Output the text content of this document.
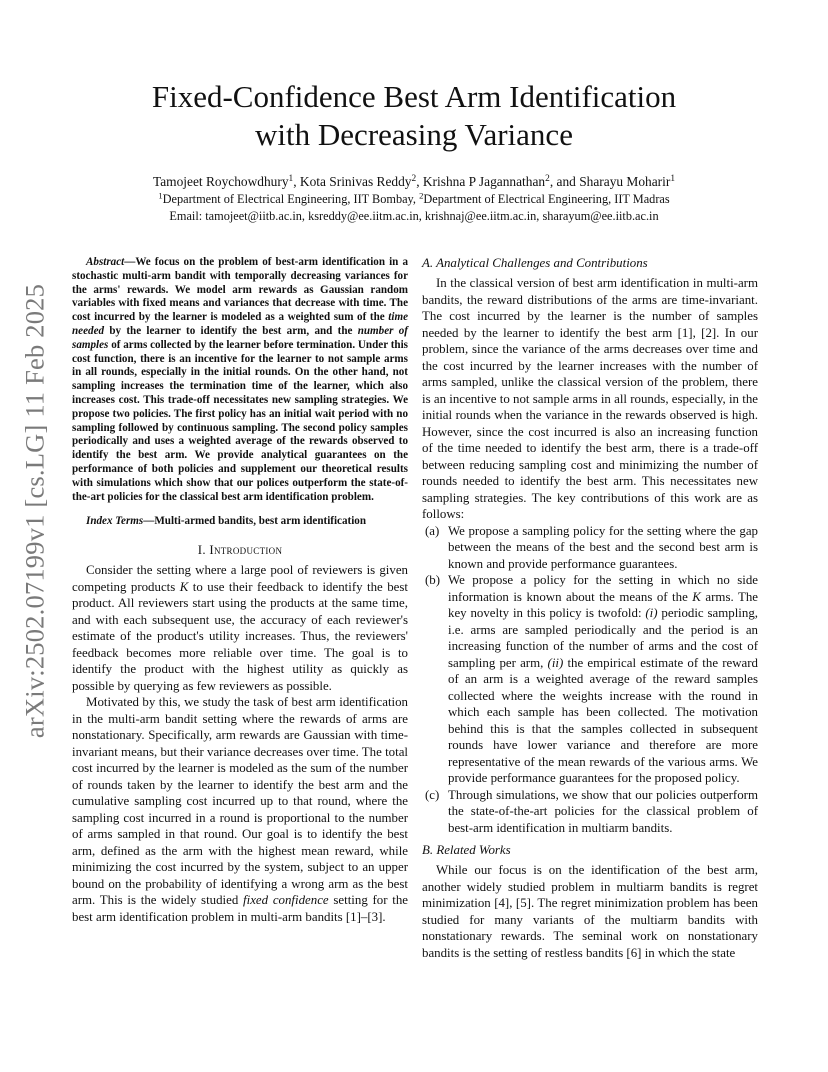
arXiv:2502.07199v1 [cs.LG] 11 Feb 2025
Fixed-Confidence Best Arm Identification
with Decreasing Variance
Tamojeet Roychowdhury$^1$, Kota Srinivas Reddy$^2$, Krishna P Jagannathan$^2$, and Sharayu Moharir$^1$
$^1$Department of Electrical Engineering, IIT Bombay, $^2$Department of Electrical Engineering, IIT Madras
Email: tamojeet@iitb.ac.in, ksreddy@ee.iitm.ac.in, krishnaj@ee.iitm.ac.in, sharayum@ee.iitb.ac.in

Abstract—We focus on the problem of best-arm identification in a stochastic multi-arm bandit with temporally decreasing variances for the arms' rewards. We model arm rewards as Gaussian random variables with fixed means and variances that decrease with time. The cost incurred by the learner is modeled as a weighted sum of the time needed by the learner to identify the best arm, and the number of samples of arms collected by the learner before termination. Under this cost function, there is an incentive for the learner to not sample arms in all rounds, especially in the initial rounds. On the other hand, not sampling increases the termination time of the learner, which also increases cost. This trade-off necessitates new sampling strategies. We propose two policies. The first policy has an initial wait period with no sampling followed by continuous sampling. The second policy samples periodically and uses a weighted average of the rewards observed to identify the best arm. We provide analytical guarantees on the performance of both policies and supplement our theoretical results with simulations which show that our polices outperform the state-of-the-art policies for the classical best arm identification problem.

Index Terms—Multi-armed bandits, best arm identification

I. Introduction

Consider the setting where a large pool of reviewers is given competing products K to use their feedback to identify the best product. All reviewers start using the products at the same time, and with each subsequent use, the accuracy of each reviewer's estimate of the product's utility increases. Thus, the reviewers' feedback becomes more reliable over time. The goal is to identify the product with the highest utility as quickly as possible by querying as few reviewers as possible.

Motivated by this, we study the task of best arm identification in the multi-arm bandit setting where the rewards of arms are nonstationary. Specifically, arm rewards are Gaussian with time-invariant means, but their variance decreases over time. The total cost incurred by the learner is modeled as the sum of the number of rounds taken by the learner to identify the best arm and the cumulative sampling cost incurred up to that round, where the sampling cost incurred in a round is proportional to the number of arms sampled in that round. Our goal is to identify the best arm, defined as the arm with the highest mean reward, while minimizing the cost incurred by the system, subject to an upper bound on the probability of identifying a wrong arm as the best arm. This is the widely studied fixed confidence setting for the best arm identification problem in multi-arm bandits [1]–[3].

A. Analytical Challenges and Contributions

In the classical version of best arm identification in multi-arm bandits, the reward distributions of the arms are time-invariant. The cost incurred by the learner is the number of samples needed by the learner to identify the best arm [1], [2]. In our problem, since the variance of the arms decreases over time and the cost incurred by the learner increases with the number of arms sampled, unlike the classical version of the problem, there is an incentive to not sample arms in all rounds, especially, in the initial rounds when the variance in the rewards observed is high. However, since the cost incurred is also an increasing function of the time needed to identify the best arm, there is a trade-off between reducing sampling cost and minimizing the number of rounds needed to identify the best arm. This necessitates new sampling strategies. The key contributions of this work are as follows:

(a) We propose a sampling policy for the setting where the gap between the means of the best and the second best arm is known and provide performance guarantees.
(b) We propose a policy for the setting in which no side information is known about the means of the K arms. The key novelty in this policy is twofold: (i) periodic sampling, i.e. arms are sampled periodically and the period is an increasing function of the number of arms and the cost of sampling per arm, (ii) the empirical estimate of the reward of an arm is a weighted average of the reward samples collected where the weights increase with the round in which each sample has been collected. The motivation behind this is that the samples collected in subsequent rounds have lower variance and therefore are more representative of the mean rewards of the various arms. We provide performance guarantees for the proposed policy.
(c) Through simulations, we show that our policies outperform the state-of-the-art policies for the classical problem of best-arm identification in multiarm bandits.
B. Related Works

While our focus is on the identification of the best arm, another widely studied problem in multiarm bandits is regret minimization [4], [5]. The regret minimization problem has been studied for many variants of the multiarm bandits with nonstationary rewards. The seminal work on nonstationary bandits is the setting of restless bandits [6] in which the state
